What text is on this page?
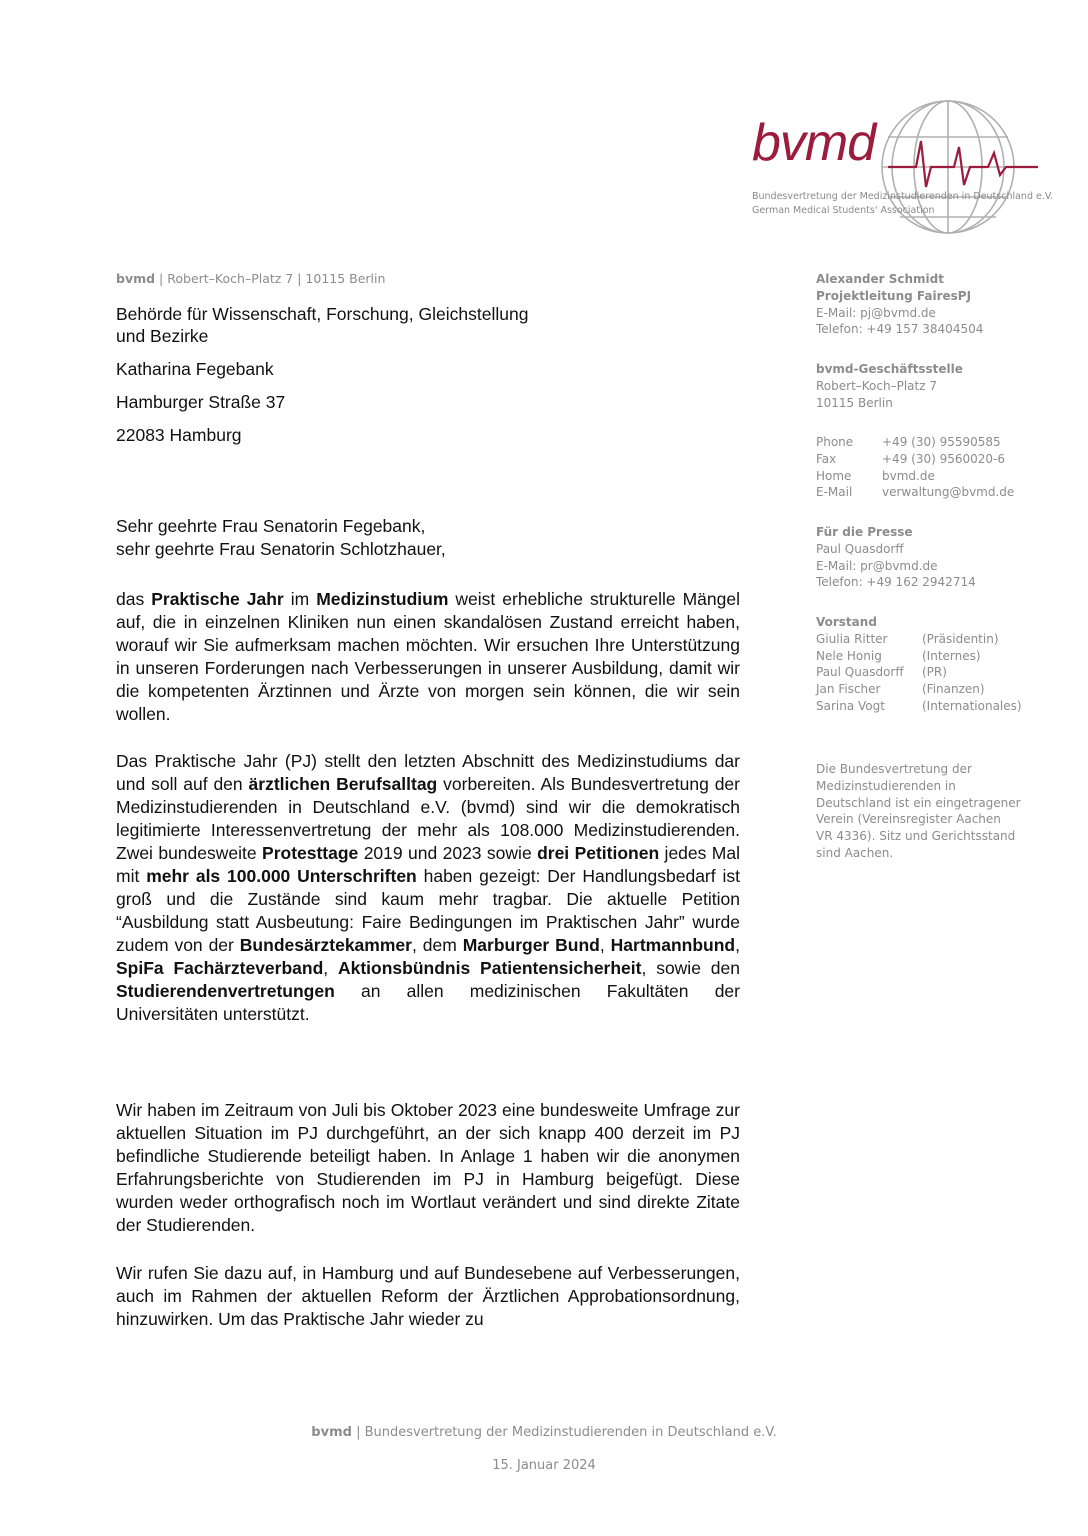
bvmd
Bundesvertretung der Medizinstudierenden in Deutschland e.V.
German Medical Students' Association
bvmd | Robert–Koch–Platz 7 | 10115 Berlin

Behörde für Wissenschaft, Forschung, Gleichstellung

und Bezirke

Katharina Fegebank

Hamburger Straße 37

22083 Hamburg

Alexander Schmidt
Projektleitung FairesPJ
E-Mail: pj@bvmd.de
Telefon: +49 157 38404504
bvmd-Geschäftsstelle
Robert–Koch–Platz 7
10115 Berlin
Phone	+49 (30) 95590585
Fax	+49 (30) 9560020-6
Home	bvmd.de
E-Mail	verwaltung@bvmd.de
Für die Presse
Paul Quasdorff
E-Mail: pr@bvmd.de
Telefon: +49 162 2942714
Vorstand
Giulia Ritter	(Präsidentin)
Nele Honig	(Internes)
Paul Quasdorff	(PR)
Jan Fischer	(Finanzen)
Sarina Vogt	(Internationales)
Die Bundesvertretung der
Medizinstudierenden in
Deutschland ist ein eingetragener
Verein (Vereinsregister Aachen
VR 4336). Sitz und Gerichtsstand
sind Aachen.
Sehr geehrte Frau Senatorin Fegebank,
sehr geehrte Frau Senatorin Schlotzhauer,

das Praktische Jahr im Medizinstudium weist erhebliche strukturelle Mängel auf, die in einzelnen Kliniken nun einen skandalösen Zustand erreicht haben, worauf wir Sie aufmerksam machen möchten. Wir ersuchen Ihre Unterstützung in unseren Forderungen nach Verbesserungen in unserer Ausbildung, damit wir die kompetenten Ärztinnen und Ärzte von morgen sein können, die wir sein wollen.

Das Praktische Jahr (PJ) stellt den letzten Abschnitt des Medizinstudiums dar und soll auf den ärztlichen Berufsalltag vorbereiten. Als Bundesvertretung der Medizinstudierenden in Deutschland e.V. (bvmd) sind wir die demokratisch legitimierte Interessenvertretung der mehr als 108.000 Medizinstudierenden. Zwei bundesweite Protesttage 2019 und 2023 sowie drei Petitionen jedes Mal mit mehr als 100.000 Unterschriften haben gezeigt: Der Handlungsbedarf ist groß und die Zustände sind kaum mehr tragbar. Die aktuelle Petition “Ausbildung statt Ausbeutung: Faire Bedingungen im Praktischen Jahr” wurde zudem von der Bundesärztekammer, dem Marburger Bund, Hartmannbund, SpiFa Fachärzteverband, Aktionsbündnis Patientensicherheit, sowie den Studierendenvertretungen an allen medizinischen Fakultäten der Universitäten unterstützt.

Wir haben im Zeitraum von Juli bis Oktober 2023 eine bundesweite Umfrage zur aktuellen Situation im PJ durchgeführt, an der sich knapp 400 derzeit im PJ befindliche Studierende beteiligt haben. In Anlage 1 haben wir die anonymen Erfahrungsberichte von Studierenden im PJ in Hamburg beigefügt. Diese wurden weder orthografisch noch im Wortlaut verändert und sind direkte Zitate der Studierenden.

Wir rufen Sie dazu auf, in Hamburg und auf Bundesebene auf Verbesserungen, auch im Rahmen der aktuellen Reform der Ärztlichen Approbationsordnung, hinzuwirken. Um das Praktische Jahr wieder zu

bvmd | Bundesvertretung der Medizinstudierenden in Deutschland e.V.
15. Januar 2024
